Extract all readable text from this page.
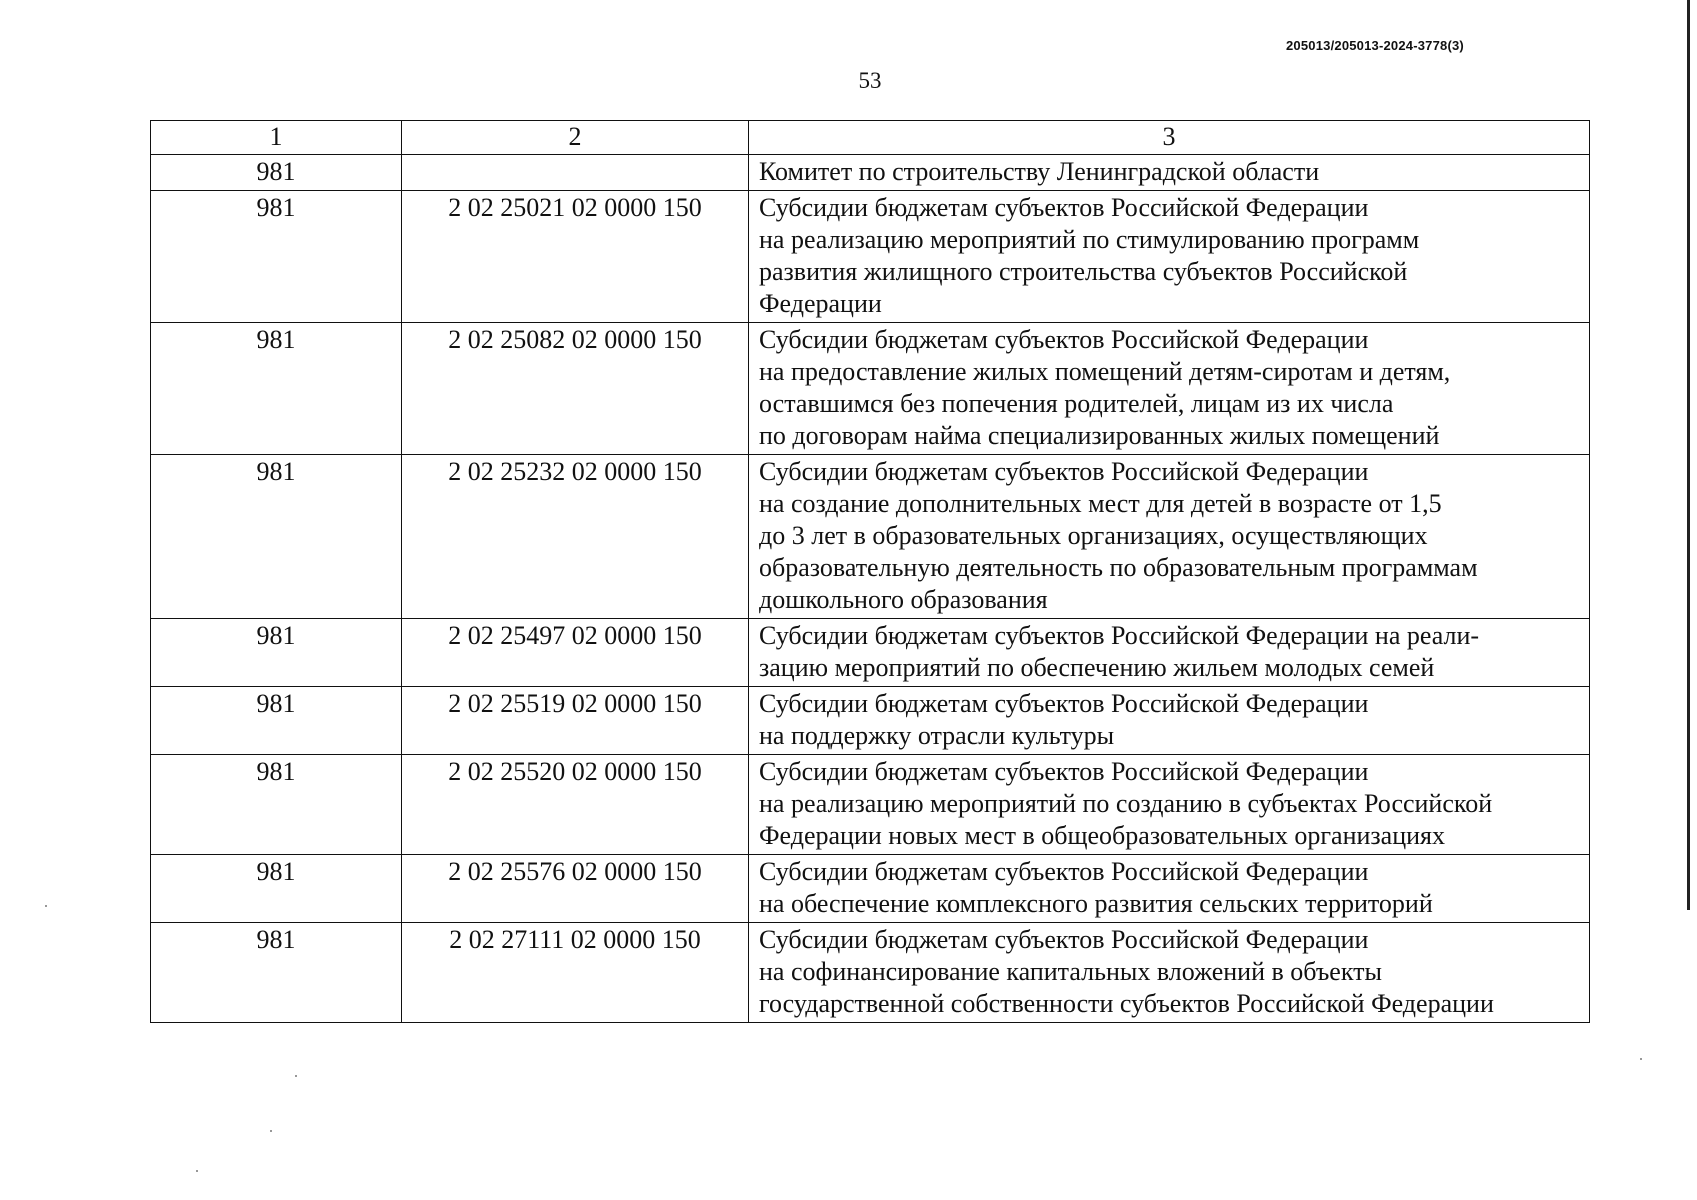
205013/205013-2024-3778(3)
53
1	2	3
981		Комитет по строительству Ленинградской области

981	2 02 25021 02 0000 150	Субсидии бюджетам субъектов Российской Федерации
на реализацию мероприятий по стимулированию программ
развития жилищного строительства субъектов Российской
Федерации

981	2 02 25082 02 0000 150	Субсидии бюджетам субъектов Российской Федерации
на предоставление жилых помещений детям-сиротам и детям,
оставшимся без попечения родителей, лицам из их числа
по договорам найма специализированных жилых помещений

981	2 02 25232 02 0000 150	Субсидии бюджетам субъектов Российской Федерации
на создание дополнительных мест для детей в возрасте от 1,5
до 3 лет в образовательных организациях, осуществляющих
образовательную деятельность по образовательным программам
дошкольного образования

981	2 02 25497 02 0000 150	Субсидии бюджетам субъектов Российской Федерации на реали-
зацию мероприятий по обеспечению жильем молодых семей

981	2 02 25519 02 0000 150	Субсидии бюджетам субъектов Российской Федерации
на поддержку отрасли культуры

981	2 02 25520 02 0000 150	Субсидии бюджетам субъектов Российской Федерации
на реализацию мероприятий по созданию в субъектах Российской
Федерации новых мест в общеобразовательных организациях

981	2 02 25576 02 0000 150	Субсидии бюджетам субъектов Российской Федерации
на обеспечение комплексного развития сельских территорий

981	2 02 27111 02 0000 150	Субсидии бюджетам субъектов Российской Федерации
на софинансирование капитальных вложений в объекты
государственной собственности субъектов Российской Федерации
